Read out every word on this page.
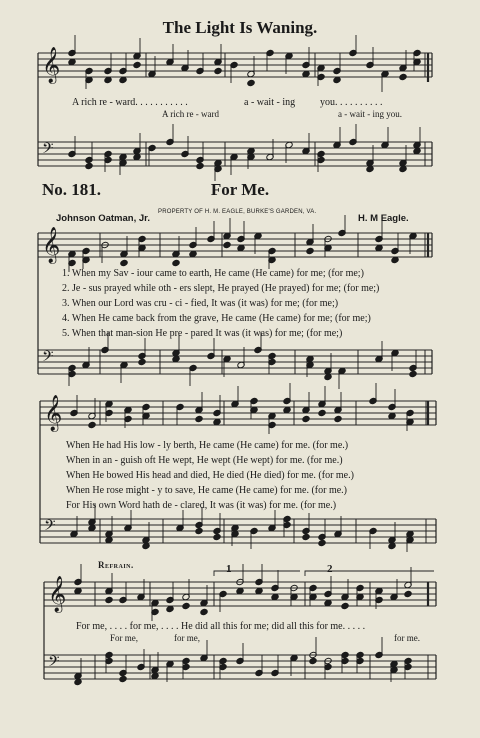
The Light Is Waning.
A rich re - ward. . . . . . . . . . .	a - wait - ing you. . . . . . . . . .
A rich re - ward	a - wait - ing you.
No. 181.	For Me.
PROPERTY OF H. M. EAGLE, BURKE'S GARDEN, VA.
Johnson Oatman, Jr.	H. M Eagle.
1. When my Sav - iour came to earth, He came (He came) for me; (for me;)
2. Je - sus prayed while oth - ers slept, He prayed (He prayed) for me; (for me;)
3. When our Lord was cru - ci - fied, It was (it was) for me; (for me;)
4. When He came back from the grave, He came (He came) for me; (for me;)
5. When that man-sion He pre - pared It was (it was) for me; (for me;)
When He had His low - ly berth, He came (He came) for me. (for me.)
When in an - guish oft He wept, He wept (He wept) for me. (for me.)
When He bowed His head and died, He died (He died) for me. (for me.)
When He rose might - y to save, He came (He came) for me. (for me.)
For His own Word hath de - clared, It was (it was) for me. (for me.)
Refrain.	1	2
For me, . . . . for me, . . . . He did all this for me; did all this for me. . . . .
For me,	for me,	for me.
𝄞
𝄢
𝄞
𝄢
𝄞
𝄢
𝄞
𝄢
